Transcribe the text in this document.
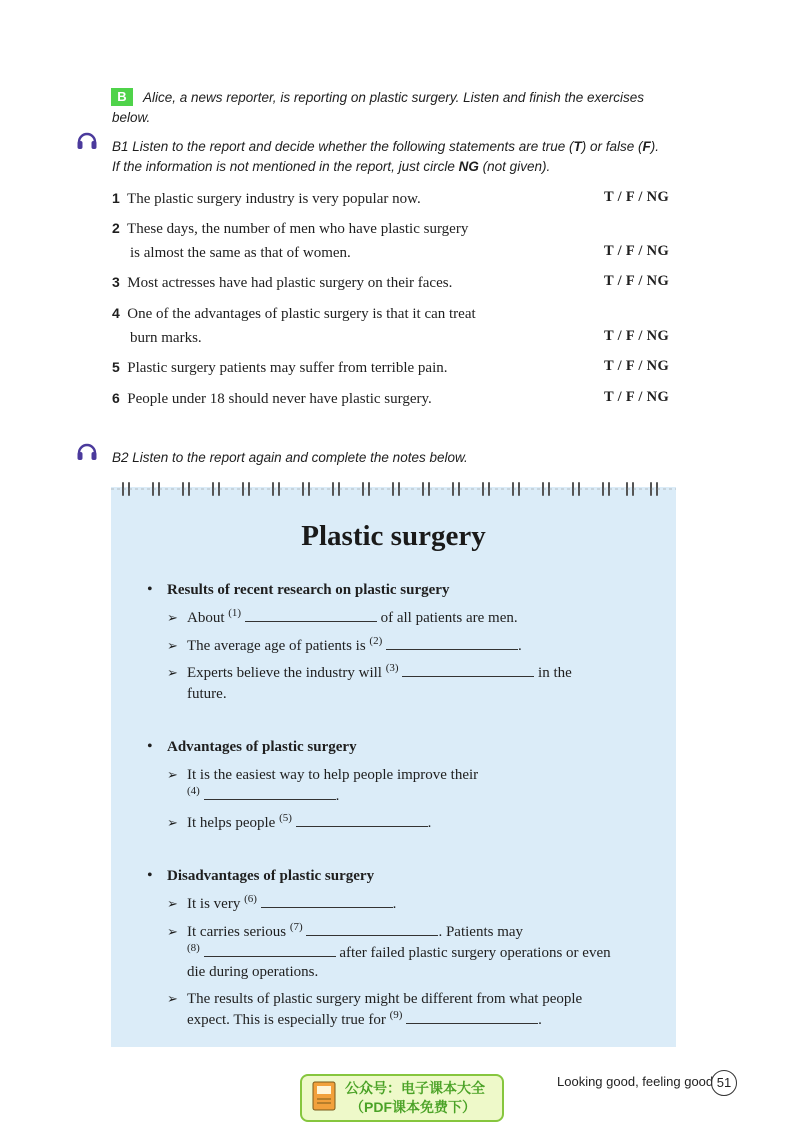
B	Alice, a news reporter, is reporting on plastic surgery. Listen and finish the exercises below.
B1 Listen to the report and decide whether the following statements are true (T) or false (F).
If the information is not mentioned in the report, just circle NG (not given).
1 The plastic surgery industry is very popular now.	T / F / NG
2 These days, the number of men who have plastic surgery
is almost the same as that of women.	T / F / NG
3 Most actresses have had plastic surgery on their faces.	T / F / NG
4 One of the advantages of plastic surgery is that it can treat
burn marks.	T / F / NG
5 Plastic surgery patients may suffer from terrible pain.	T / F / NG
6 People under 18 should never have plastic surgery.	T / F / NG
B2 Listen to the report again and complete the notes below.
Plastic surgery
• Results of recent research on plastic surgery
➢ About $^{(1)}$	of all patients are men.
➢ The average age of patients is $^{(2)}$	.
➢ Experts believe the industry will $^{(3)}$	in the
future.
• Advantages of plastic surgery
➢ It is the easiest way to help people improve their
$^{(4)}$	.
➢ It helps people $^{(5)}$	.
• Disadvantages of plastic surgery
➢ It is very $^{(6)}$	.
➢ It carries serious $^{(7)}$	. Patients may
$^{(8)}$	after failed plastic surgery operations or even
die during operations.
➢ The results of plastic surgery might be different from what people
expect. This is especially true for $^{(9)}$	.
公众号：电子课本大全
（PDF课本免费下）
Looking good, feeling good 51
